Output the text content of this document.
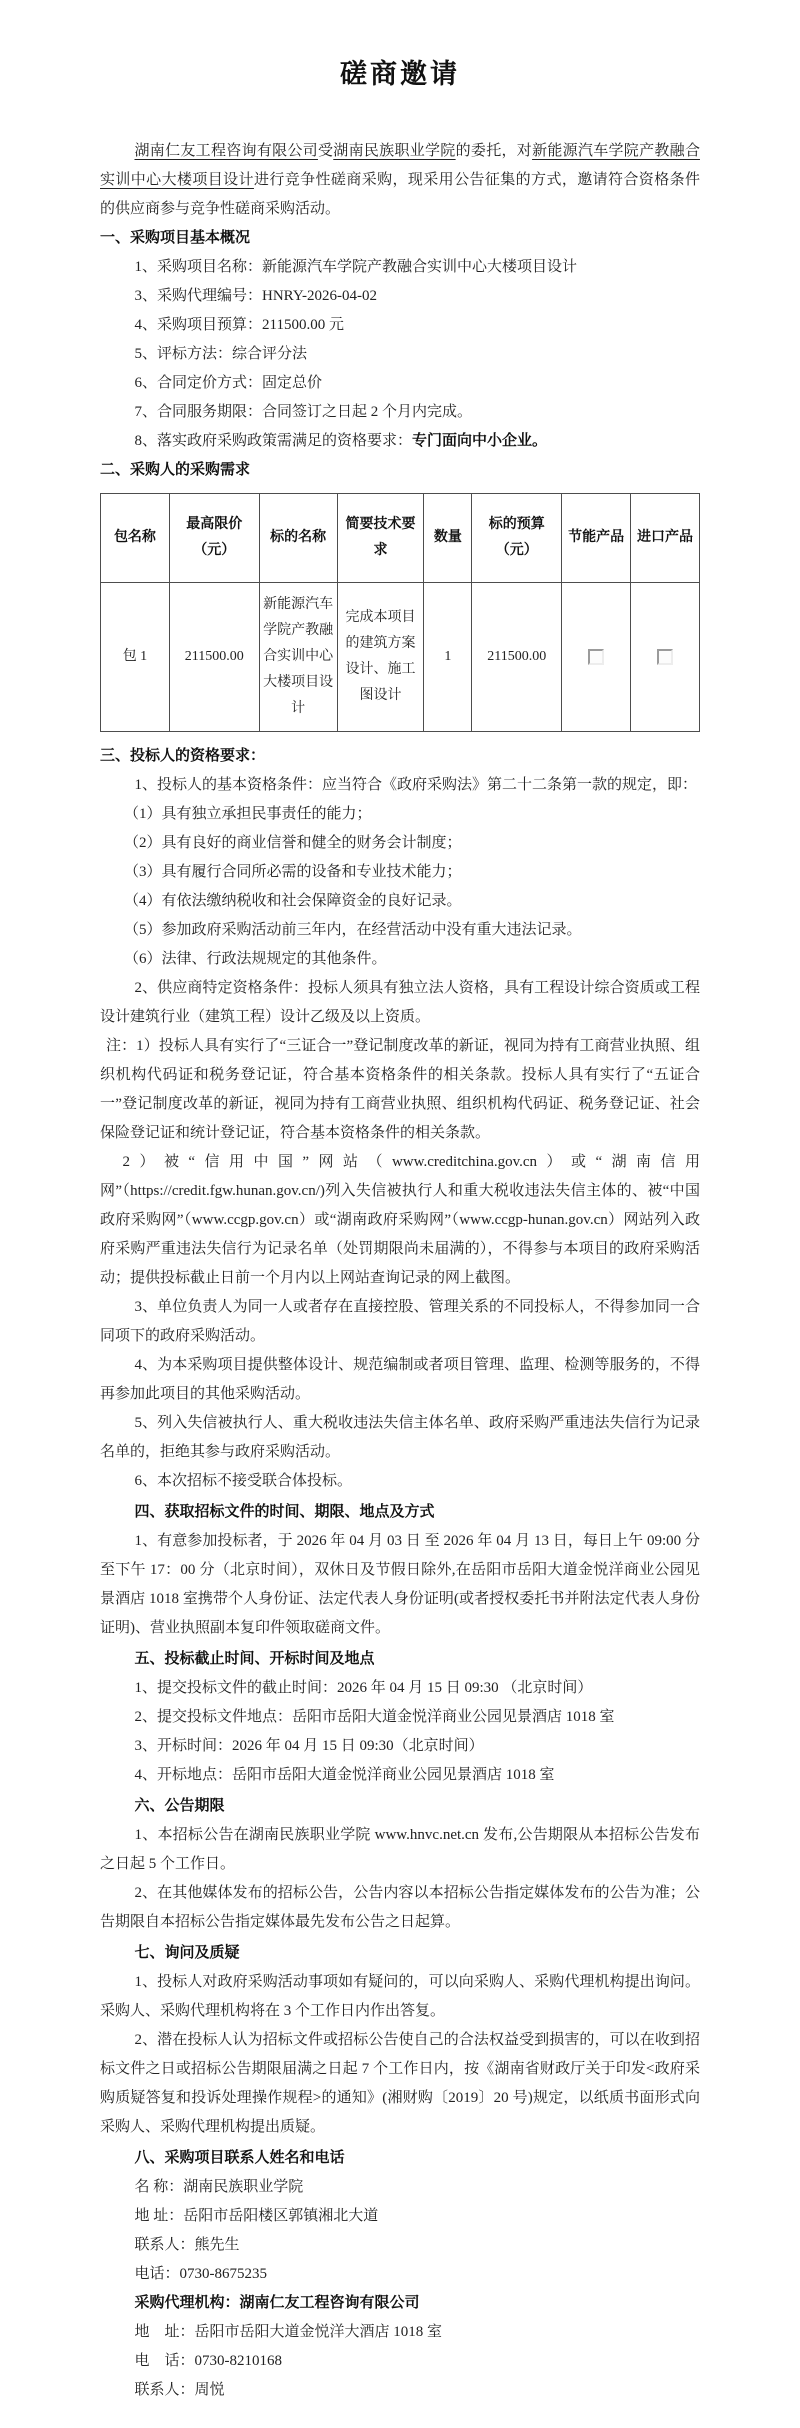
磋商邀请

湖南仁友工程咨询有限公司受湖南民族职业学院的委托，对新能源汽车学院产教融合实训中心大楼项目设计进行竞争性磋商采购，现采用公告征集的方式，邀请符合资格条件的供应商参与竞争性磋商采购活动。

一、采购项目基本概况

1、采购项目名称：新能源汽车学院产教融合实训中心大楼项目设计

3、采购代理编号：HNRY-2026-04-02

4、采购项目预算：211500.00 元

5、评标方法：综合评分法

6、合同定价方式：固定总价

7、合同服务期限：合同签订之日起 2 个月内完成。

8、落实政府采购政策需满足的资格要求：专门面向中小企业。

二、采购人的采购需求

包名称	最高限价（元）	标的名称	简要技术要求	数量	标的预算（元）	节能产品	进口产品
包 1	211500.00	新能源汽车学院产教融合实训中心大楼项目设计	完成本项目的建筑方案设计、施工图设计	1	211500.00		

三、投标人的资格要求：

1、投标人的基本资格条件：应当符合《政府采购法》第二十二条第一款的规定，即：

（1）具有独立承担民事责任的能力；

（2）具有良好的商业信誉和健全的财务会计制度；

（3）具有履行合同所必需的设备和专业技术能力；

（4）有依法缴纳税收和社会保障资金的良好记录。

（5）参加政府采购活动前三年内，在经营活动中没有重大违法记录。

（6）法律、行政法规规定的其他条件。

2、供应商特定资格条件：投标人须具有独立法人资格，具有工程设计综合资质或工程设计建筑行业（建筑工程）设计乙级及以上资质。

注：1）投标人具有实行了“三证合一”登记制度改革的新证，视同为持有工商营业执照、组织机构代码证和税务登记证，符合基本资格条件的相关条款。投标人具有实行了“五证合一”登记制度改革的新证，视同为持有工商营业执照、组织机构代码证、税务登记证、社会保险登记证和统计登记证，符合基本资格条件的相关条款。

2）被“信用中国”网站（www.creditchina.gov.cn）或“湖南信用网”（https://credit.fgw.hunan.gov.cn/)列入失信被执行人和重大税收违法失信主体的、被“中国政府采购网”（www.ccgp.gov.cn）或“湖南政府采购网”（www.ccgp-hunan.gov.cn）网站列入政府采购严重违法失信行为记录名单（处罚期限尚未届满的），不得参与本项目的政府采购活动；提供投标截止日前一个月内以上网站查询记录的网上截图。

3、单位负责人为同一人或者存在直接控股、管理关系的不同投标人，不得参加同一合同项下的政府采购活动。

4、为本采购项目提供整体设计、规范编制或者项目管理、监理、检测等服务的，不得再参加此项目的其他采购活动。

5、列入失信被执行人、重大税收违法失信主体名单、政府采购严重违法失信行为记录名单的，拒绝其参与政府采购活动。

6、本次招标不接受联合体投标。

四、获取招标文件的时间、期限、地点及方式

1、有意参加投标者，于 2026 年 04 月 03 日 至 2026 年 04 月 13 日，每日上午 09:00 分至下午 17：00 分（北京时间），双休日及节假日除外,在岳阳市岳阳大道金悦洋商业公园见景酒店 1018 室携带个人身份证、法定代表人身份证明(或者授权委托书并附法定代表人身份证明)、营业执照副本复印件领取磋商文件。

五、投标截止时间、开标时间及地点

1、提交投标文件的截止时间：2026 年 04 月 15 日 09:30 （北京时间）

2、提交投标文件地点：岳阳市岳阳大道金悦洋商业公园见景酒店 1018 室

3、开标时间：2026 年 04 月 15 日 09:30（北京时间）

4、开标地点：岳阳市岳阳大道金悦洋商业公园见景酒店 1018 室

六、公告期限

1、本招标公告在湖南民族职业学院 www.hnvc.net.cn 发布,公告期限从本招标公告发布之日起 5 个工作日。

2、在其他媒体发布的招标公告，公告内容以本招标公告指定媒体发布的公告为准；公告期限自本招标公告指定媒体最先发布公告之日起算。

七、询问及质疑

1、投标人对政府采购活动事项如有疑问的，可以向采购人、采购代理机构提出询问。采购人、采购代理机构将在 3 个工作日内作出答复。

2、潜在投标人认为招标文件或招标公告使自己的合法权益受到损害的，可以在收到招标文件之日或招标公告期限届满之日起 7 个工作日内，按《湖南省财政厅关于印发<政府采购质疑答复和投诉处理操作规程>的通知》(湘财购〔2019〕20 号)规定，以纸质书面形式向采购人、采购代理机构提出质疑。

八、采购项目联系人姓名和电话

名 称：湖南民族职业学院

地 址：岳阳市岳阳楼区郭镇湘北大道

联系人：熊先生

电话：0730-8675235

采购代理机构：湖南仁友工程咨询有限公司

地　址：岳阳市岳阳大道金悦洋大酒店 1018 室

电　话：0730-8210168

联系人：周悦
